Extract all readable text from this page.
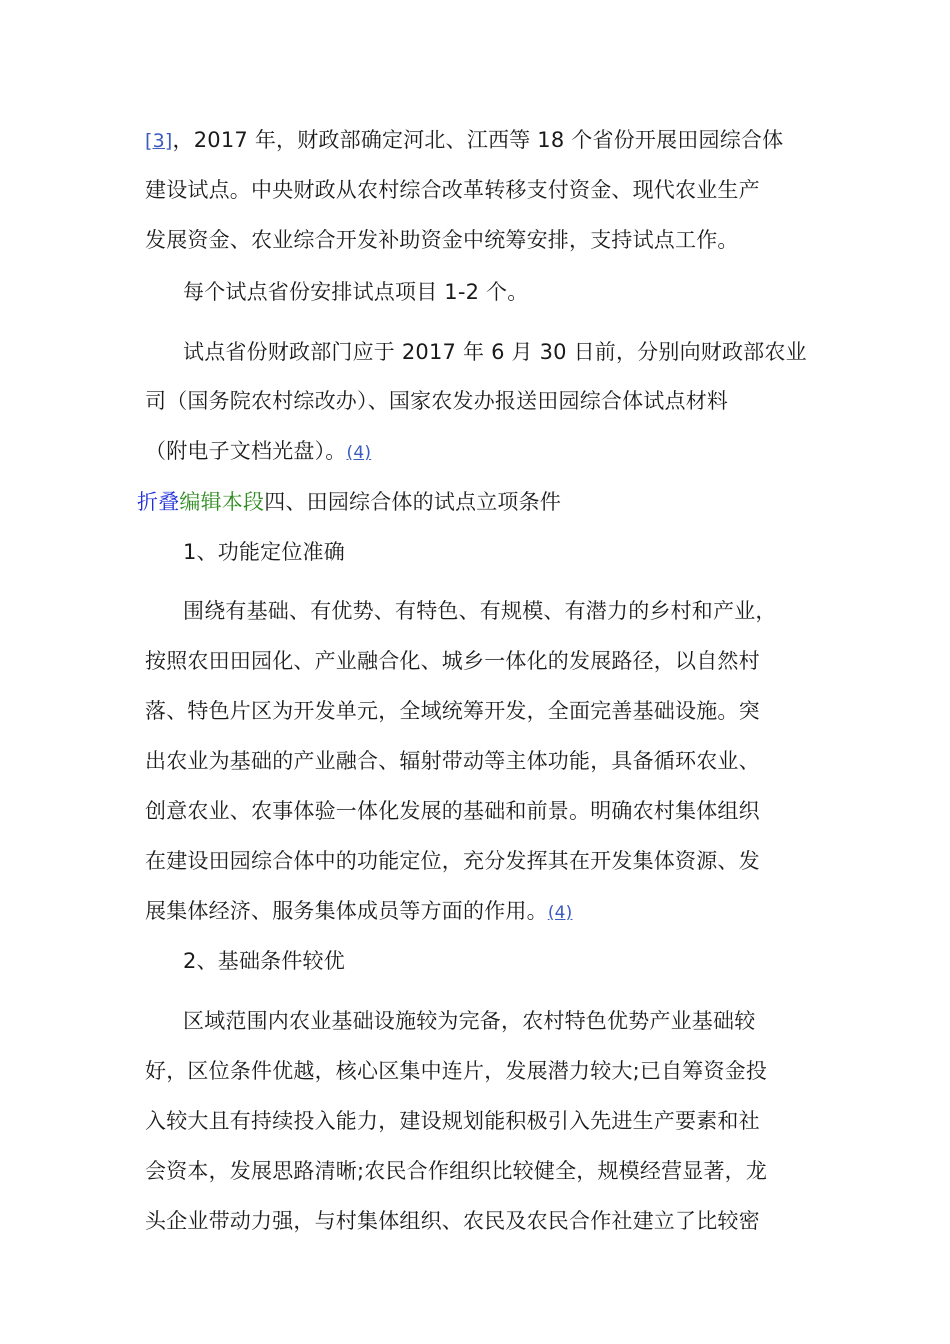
[3]，2017 年，财政部确定河北、江西等 18 个省份开展田园综合体
建设试点。中央财政从农村综合改革转移支付资金、现代农业生产
发展资金、农业综合开发补助资金中统筹安排，支持试点工作。
每个试点省份安排试点项目 1-2 个。
试点省份财政部门应于 2017 年 6 月 30 日前，分别向财政部农业
司（国务院农村综改办）、国家农发办报送田园综合体试点材料
（附电子文档光盘）。(4)
折叠编辑本段四、田园综合体的试点立项条件
1、功能定位准确
围绕有基础、有优势、有特色、有规模、有潜力的乡村和产业，
按照农田田园化、产业融合化、城乡一体化的发展路径，以自然村
落、特色片区为开发单元，全域统筹开发，全面完善基础设施。突
出农业为基础的产业融合、辐射带动等主体功能，具备循环农业、
创意农业、农事体验一体化发展的基础和前景。明确农村集体组织
在建设田园综合体中的功能定位，充分发挥其在开发集体资源、发
展集体经济、服务集体成员等方面的作用。(4)
2、基础条件较优
区域范围内农业基础设施较为完备，农村特色优势产业基础较
好，区位条件优越，核心区集中连片，发展潜力较大;已自筹资金投
入较大且有持续投入能力，建设规划能积极引入先进生产要素和社
会资本，发展思路清晰;农民合作组织比较健全，规模经营显著，龙
头企业带动力强，与村集体组织、农民及农民合作社建立了比较密
